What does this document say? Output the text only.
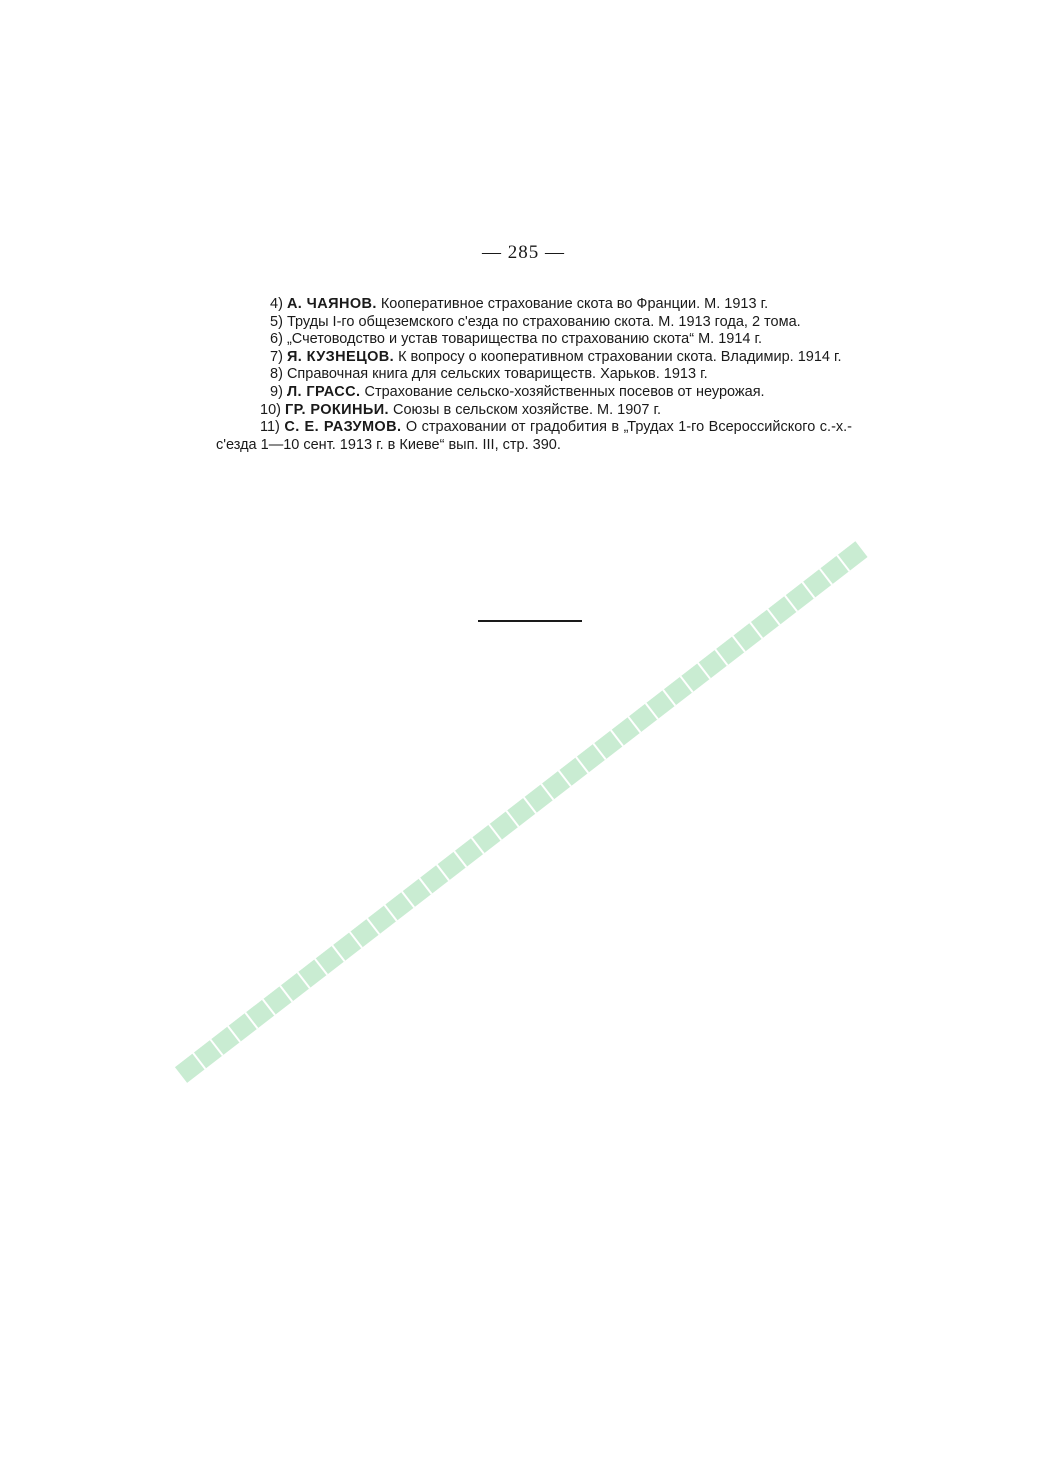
— 285 —

4) А. ЧАЯНОВ. Кооперативное страхование скота во Франции. М. 1913 г.

5) Труды I-го общеземского с'езда по страхованию скота. М. 1913 года, 2 тома.

6) „Счетоводство и устав товарищества по страхованию скота“ М. 1914 г.

7) Я. КУЗНЕЦОВ. К вопросу о кооперативном страховании скота. Владимир. 1914 г.

8) Справочная книга для сельских товариществ. Харьков. 1913 г.

9) Л. ГРАСС. Страхование сельско-хозяйственных посевов от неурожая.

10) ГР. РОКИНЬИ. Союзы в сельском хозяйстве. М. 1907 г.

11) С. Е. РАЗУМОВ. О страховании от градобития в „Трудах 1-го Всероссийского с.-х.-с'езда 1—10 сент. 1913 г. в Киеве“ вып. III, стр. 390.
